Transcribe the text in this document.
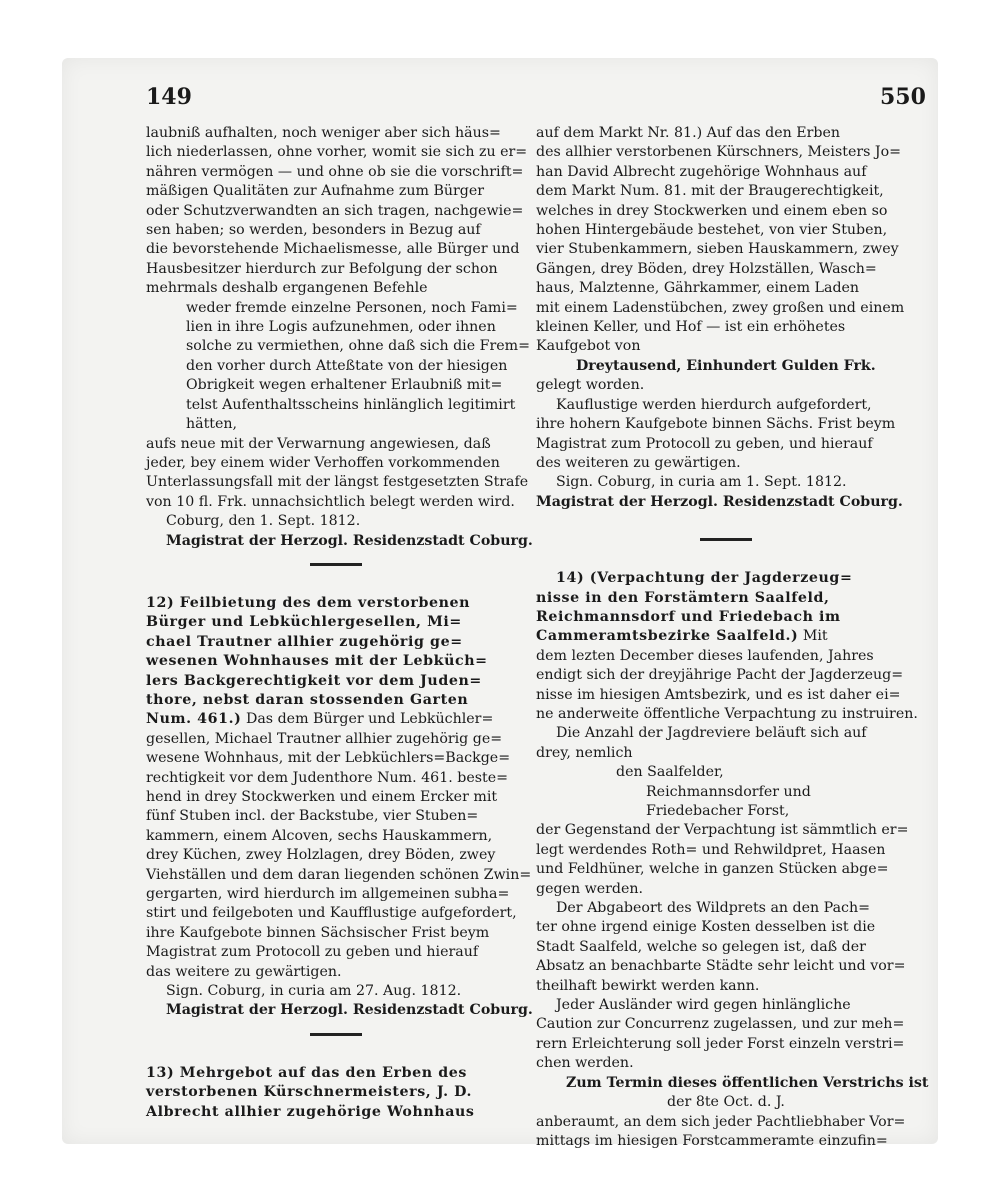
149	550

laubniß aufhalten, noch weniger aber sich häus=
lich niederlassen, ohne vorher, womit sie sich zu er=
nähren vermögen — und ohne ob sie die vorschrift=
mäßigen Qualitäten zur Aufnahme zum Bürger
oder Schutzverwandten an sich tragen, nachgewie=
sen haben; so werden, besonders in Bezug auf
die bevorstehende Michaelismesse, alle Bürger und
Hausbesitzer hierdurch zur Befolgung der schon
mehrmals deshalb ergangenen Befehle

weder fremde einzelne Personen, noch Fami=
lien in ihre Logis aufzunehmen, oder ihnen
solche zu vermiethen, ohne daß sich die Frem=
den vorher durch Atteßtate von der hiesigen
Obrigkeit wegen erhaltener Erlaubniß mit=
telst Aufenthaltsscheins hinlänglich legitimirt
hätten,

aufs neue mit der Verwarnung angewiesen, daß
jeder, bey einem wider Verhoffen vorkommenden
Unterlassungsfall mit der längst festgesetzten Strafe
von 10 fl. Frk. unnachsichtlich belegt werden wird.

Coburg, den 1. Sept. 1812.
Magistrat der Herzogl. Residenzstadt Coburg.

12) Feilbietung des dem verstorbenen
Bürger und Lebküchlergesellen, Mi=
chael Trautner allhier zugehörig ge=
wesenen Wohnhauses mit der Lebküch=
lers Backgerechtigkeit vor dem Juden=
thore, nebst daran stossenden Garten
Num. 461.) Das dem Bürger und Lebküchler=

gesellen, Michael Trautner allhier zugehörig ge=
wesene Wohnhaus, mit der Lebküchlers=Backge=
rechtigkeit vor dem Judenthore Num. 461. beste=
hend in drey Stockwerken und einem Ercker mit
fünf Stuben incl. der Backstube, vier Stuben=
kammern, einem Alcoven, sechs Hauskammern,
drey Küchen, zwey Holzlagen, drey Böden, zwey
Viehställen und dem daran liegenden schönen Zwin=
gergarten, wird hierdurch im allgemeinen subha=
stirt und feilgeboten und Kaufflustige aufgefordert,
ihre Kaufgebote binnen Sächsischer Frist beym
Magistrat zum Protocoll zu geben und hierauf
das weitere zu gewärtigen.

Sign. Coburg, in curia am 27. Aug. 1812.
Magistrat der Herzogl. Residenzstadt Coburg.

13) Mehrgebot auf das den Erben des
verstorbenen Kürschnermeisters, J. D.
Albrecht allhier zugehörige Wohnhaus

auf dem Markt Nr. 81.) Auf das den Erben
des allhier verstorbenen Kürschners, Meisters Jo=
han David Albrecht zugehörige Wohnhaus auf
dem Markt Num. 81. mit der Braugerechtigkeit,
welches in drey Stockwerken und einem eben so
hohen Hintergebäude bestehet, von vier Stuben,
vier Stubenkammern, sieben Hauskammern, zwey
Gängen, drey Böden, drey Holzställen, Wasch=
haus, Malztenne, Gährkammer, einem Laden
mit einem Ladenstübchen, zwey großen und einem
kleinen Keller, und Hof — ist ein erhöhetes
Kaufgebot von

Dreytausend, Einhundert Gulden Frk.

gelegt worden.
Kauflustige werden hierdurch aufgefordert,
ihre hohern Kaufgebote binnen Sächs. Frist beym
Magistrat zum Protocoll zu geben, und hierauf
des weiteren zu gewärtigen.

Sign. Coburg, in curia am 1. Sept. 1812.
Magistrat der Herzogl. Residenzstadt Coburg.

14) (Verpachtung der Jagderzeug=
nisse in den Forstämtern Saalfeld,
Reichmannsdorf und Friedebach im
Cammeramtsbezirke Saalfeld.) Mit

dem lezten December dieses laufenden, Jahres
endigt sich der dreyjährige Pacht der Jagderzeug=
nisse im hiesigen Amtsbezirk, und es ist daher ei=
ne anderweite öffentliche Verpachtung zu instruiren.

Die Anzahl der Jagdreviere beläuft sich auf
drey, nemlich

den Saalfelder,
Reichmannsdorfer und
Friedebacher Forst,

der Gegenstand der Verpachtung ist sämmtlich er=
legt werdendes Roth= und Rehwildpret, Haasen
und Feldhüner, welche in ganzen Stücken abge=
gegen werden.

Der Abgabeort des Wildprets an den Pach=
ter ohne irgend einige Kosten desselben ist die
Stadt Saalfeld, welche so gelegen ist, daß der
Absatz an benachbarte Städte sehr leicht und vor=
theilhaft bewirkt werden kann.

Jeder Ausländer wird gegen hinlängliche
Caution zur Concurrenz zugelassen, und zur meh=
rern Erleichterung soll jeder Forst einzeln verstri=
chen werden.

Zum Termin dieses öffentlichen Verstrichs ist
der 8te Oct. d. J.

anberaumt, an dem sich jeder Pachtliebhaber Vor=
mittags im hiesigen Forstcammeramte einzufin=
